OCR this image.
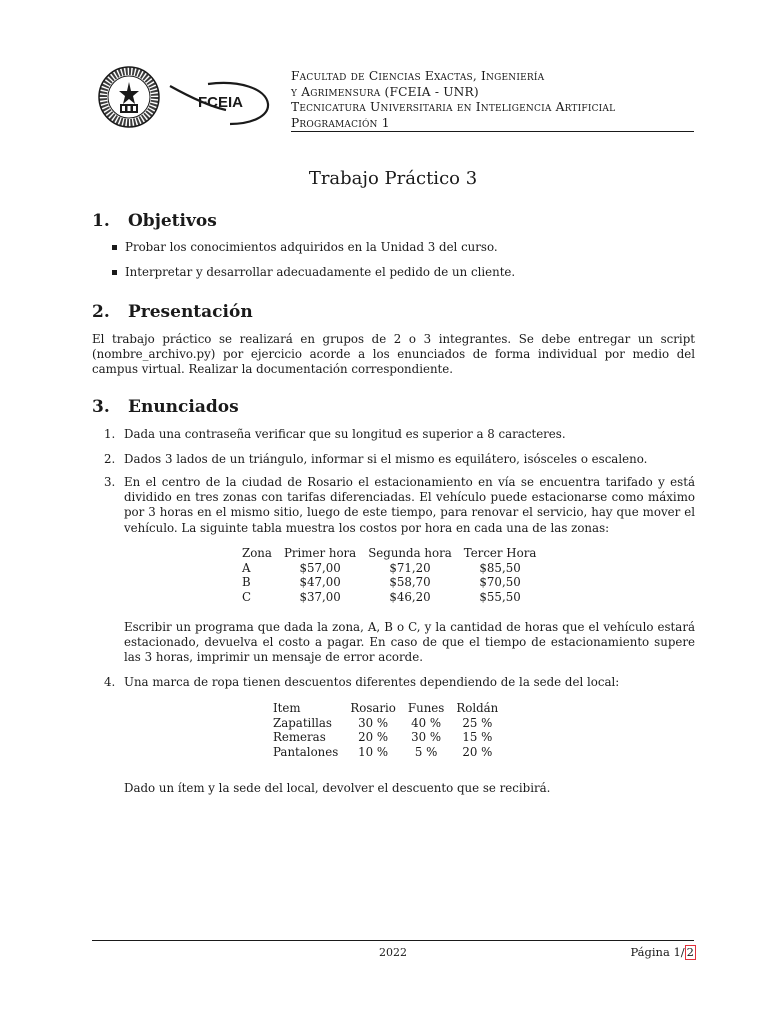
FCEIA
Facultad de Ciencias Exactas, Ingeniería
y Agrimensura (FCEIA - UNR)
Tecnicatura Universitaria en Inteligencia Artificial
Programación 1
Trabajo Práctico 3
1. Objetivos
Probar los conocimientos adquiridos en la Unidad 3 del curso.
Interpretar y desarrollar adecuadamente el pedido de un cliente.
2. Presentación
El trabajo práctico se realizará en grupos de 2 o 3 integrantes. Se debe entregar un script (nombre_archivo.py) por ejercicio acorde a los enunciados de forma individual por medio del campus virtual. Realizar la documentación correspondiente.
3. Enunciados
1. Dada una contraseña verificar que su longitud es superior a 8 caracteres.
2. Dados 3 lados de un triángulo, informar si el mismo es equilátero, isósceles o escaleno.
3. En el centro de la ciudad de Rosario el estacionamiento en vía se encuentra tarifado y está dividido en tres zonas con tarifas diferenciadas. El vehículo puede estacionarse como máximo por 3 horas en el mismo sitio, luego de este tiempo, para renovar el servicio, hay que mover el vehículo. La siguinte tabla muestra los costos por hora en cada una de las zonas:
Zona	Primer hora	Segunda hora	Tercer Hora
A	$57,00	$71,20	$85,50
B	$47,00	$58,70	$70,50
C	$37,00	$46,20	$55,50
Escribir un programa que dada la zona, A, B o C, y la cantidad de horas que el vehículo estará estacionado, devuelva el costo a pagar. En caso de que el tiempo de estacionamiento supere las 3 horas, imprimir un mensaje de error acorde.
4. Una marca de ropa tienen descuentos diferentes dependiendo de la sede del local:
Item	Rosario	Funes	Roldán
Zapatillas	30 %	40 %	25 %
Remeras	20 %	30 %	15 %
Pantalones	10 %	5 %	20 %
Dado un ítem y la sede del local, devolver el descuento que se recibirá.
2022	Página 1/ 2
